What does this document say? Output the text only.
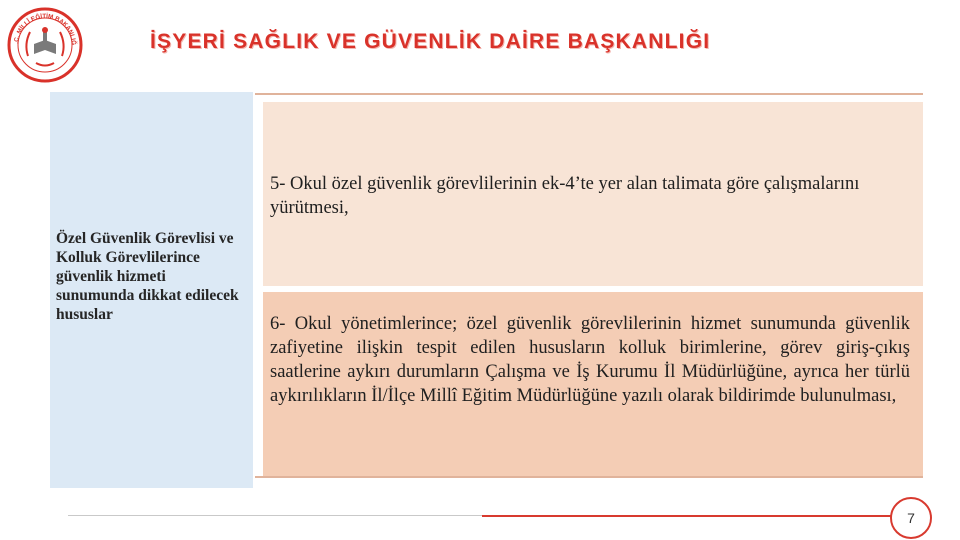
.C. MİLLÎ EĞİTİM BAKANLIĞ	İŞYERİ SAĞLIK VE GÜVENLİK DAİRE BAŞKANLIĞI
Özel Güvenlik Görevlisi ve Kolluk Görevlilerince güvenlik hizmeti sunumunda dikkat edilecek hususlar
5- Okul özel güvenlik görevlilerinin ek-4’te yer alan talimata göre çalışmalarını yürütmesi,
6- Okul yönetimlerince; özel güvenlik görevlilerinin hizmet sunumunda güvenlik zafiyetine ilişkin tespit edilen hususların kolluk birimlerine, görev giriş-çıkış saatlerine aykırı durumların Çalışma ve İş Kurumu İl Müdürlüğüne, ayrıca her türlü aykırılıkların İl/İlçe Millî Eğitim Müdürlüğüne yazılı olarak bildirimde bulunulması,
7
